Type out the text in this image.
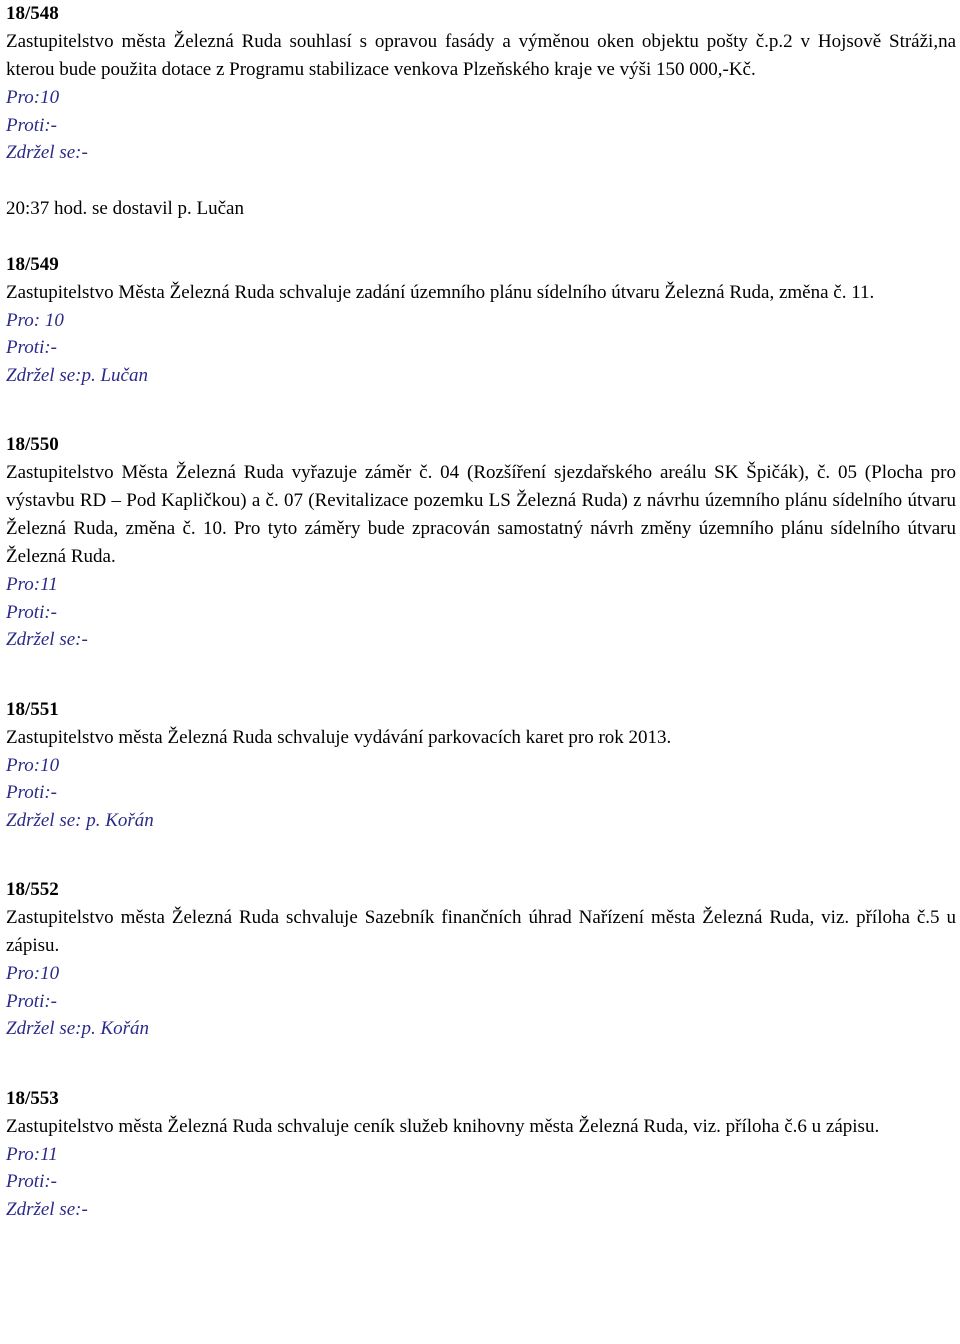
18/548
Zastupitelstvo města Železná Ruda souhlasí s opravou fasády a výměnou oken objektu pošty č.p.2 v Hojsově Stráži,na kterou bude použita dotace z Programu stabilizace venkova Plzeňského kraje ve výši 150 000,-Kč.
Pro:10
Proti:-
Zdržel se:-
20:37 hod. se dostavil p. Lučan
18/549
Zastupitelstvo Města Železná Ruda schvaluje zadání územního plánu sídelního útvaru Železná Ruda, změna č. 11.
Pro: 10
Proti:-
Zdržel se:p. Lučan
18/550
Zastupitelstvo Města Železná Ruda vyřazuje záměr č. 04 (Rozšíření sjezdařského areálu SK Špičák), č. 05 (Plocha pro výstavbu RD – Pod Kapličkou) a č. 07 (Revitalizace pozemku LS Železná Ruda) z návrhu územního plánu sídelního útvaru Železná Ruda, změna č. 10. Pro tyto záměry bude zpracován samostatný návrh změny územního plánu sídelního útvaru Železná Ruda.
Pro:11
Proti:-
Zdržel se:-
18/551
Zastupitelstvo města Železná Ruda schvaluje vydávání parkovacích karet pro rok 2013.
Pro:10
Proti:-
Zdržel se: p. Kořán
18/552
Zastupitelstvo města Železná Ruda schvaluje Sazebník finančních úhrad Nařízení města Železná Ruda, viz. příloha č.5 u zápisu.
Pro:10
Proti:-
Zdržel se:p. Kořán
18/553
Zastupitelstvo města Železná Ruda schvaluje ceník služeb knihovny města Železná Ruda, viz. příloha č.6 u zápisu.
Pro:11
Proti:-
Zdržel se:-
